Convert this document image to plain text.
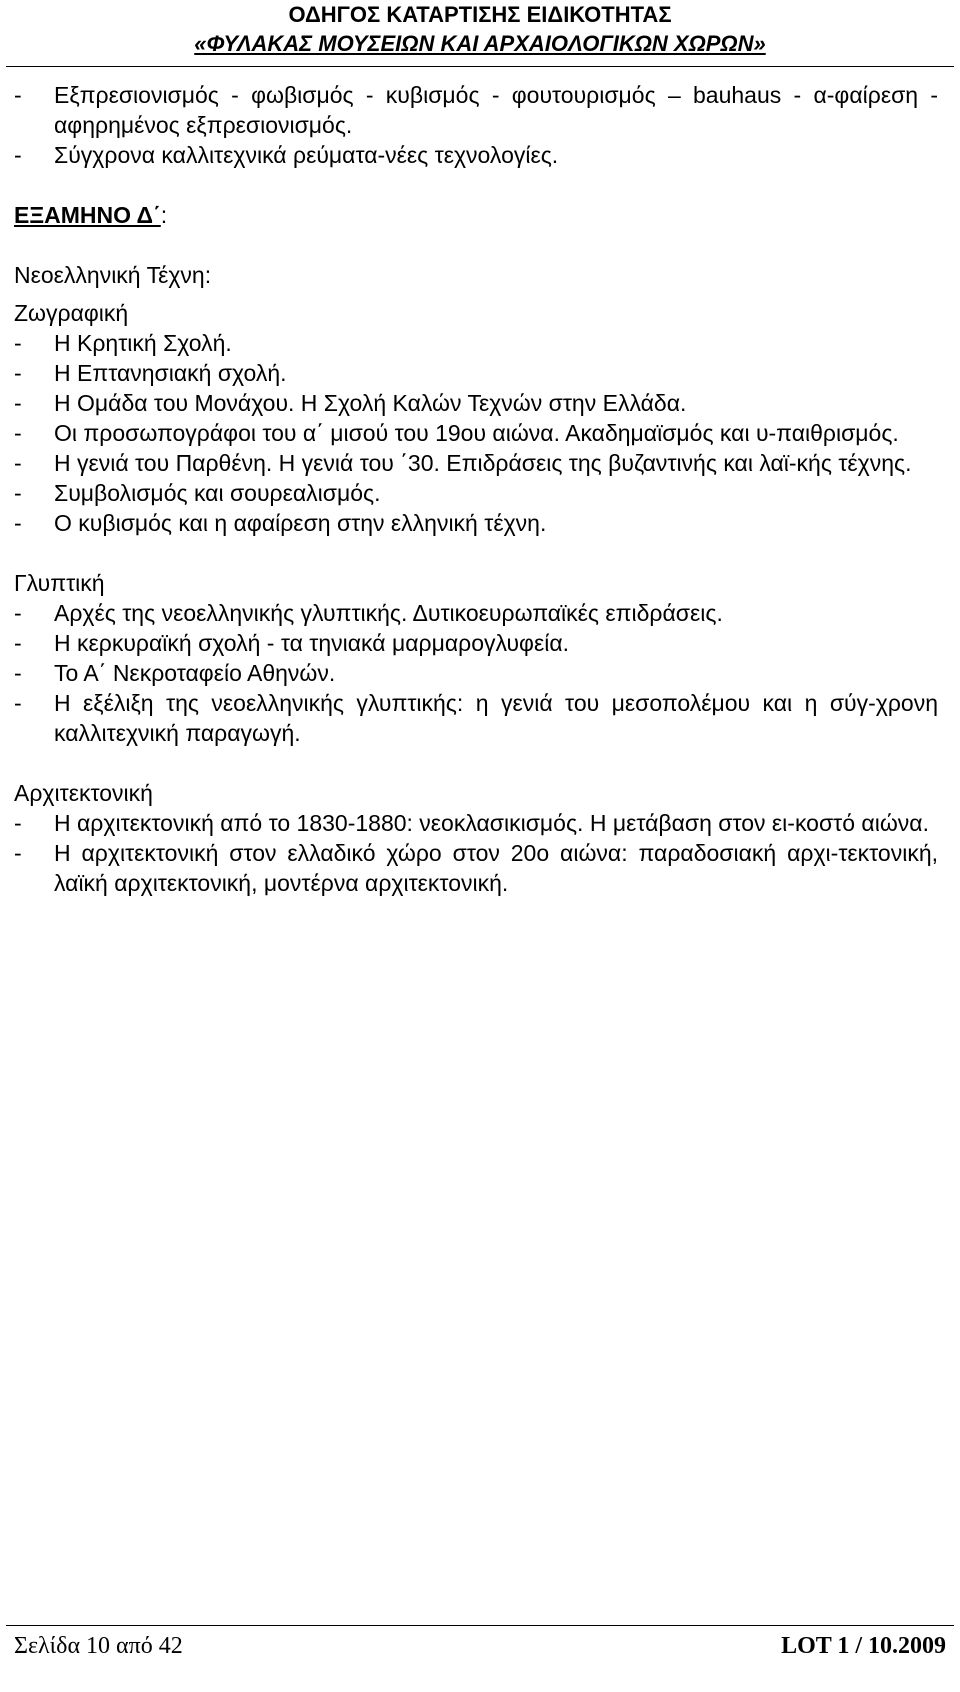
ΟΔΗΓΟΣ ΚΑΤΑΡΤΙΣΗΣ ΕΙΔΙΚΟΤΗΤΑΣ
«ΦΥΛΑΚΑΣ ΜΟΥΣΕΙΩΝ ΚΑΙ ΑΡΧΑΙΟΛΟΓΙΚΩΝ ΧΩΡΩΝ»
- Εξπρεσιονισμός - φωβισμός - κυβισμός - φουτουρισμός – bauhaus - α-φαίρεση - αφηρημένος εξπρεσιονισμός.
- Σύγχρονα καλλιτεχνικά ρεύματα-νέες τεχνολογίες.
ΕΞΑΜΗΝΟ Δ΄:
Νεοελληνική Τέχνη:
Ζωγραφική
- Η Κρητική Σχολή.
- Η Επτανησιακή σχολή.
- Η Ομάδα του Μονάχου. Η Σχολή Καλών Τεχνών στην Ελλάδα.
- Οι προσωπογράφοι του α΄ μισού του 19ου αιώνα. Ακαδημαϊσμός και υ-παιθρισμός.
- Η γενιά του Παρθένη. Η γενιά του ΄30. Επιδράσεις της βυζαντινής και λαϊ-κής τέχνης.
- Συμβολισμός και σουρεαλισμός.
- Ο κυβισμός και η αφαίρεση στην ελληνική τέχνη.
Γλυπτική
- Αρχές της νεοελληνικής γλυπτικής. Δυτικοευρωπαϊκές επιδράσεις.
- Η κερκυραϊκή σχολή - τα τηνιακά μαρμαρογλυφεία.
- Το Α΄ Νεκροταφείο Αθηνών.
- Η εξέλιξη της νεοελληνικής γλυπτικής: η γενιά του μεσοπολέμου και η σύγ-χρονη καλλιτεχνική παραγωγή.
Αρχιτεκτονική
- Η αρχιτεκτονική από το 1830-1880: νεοκλασικισμός. Η μετάβαση στον ει-κοστό αιώνα.
- Η αρχιτεκτονική στον ελλαδικό χώρο στον 20ο αιώνα: παραδοσιακή αρχι-τεκτονική, λαϊκή αρχιτεκτονική, μοντέρνα αρχιτεκτονική.
Σελίδα 10 από 42	LOT 1 / 10.2009
